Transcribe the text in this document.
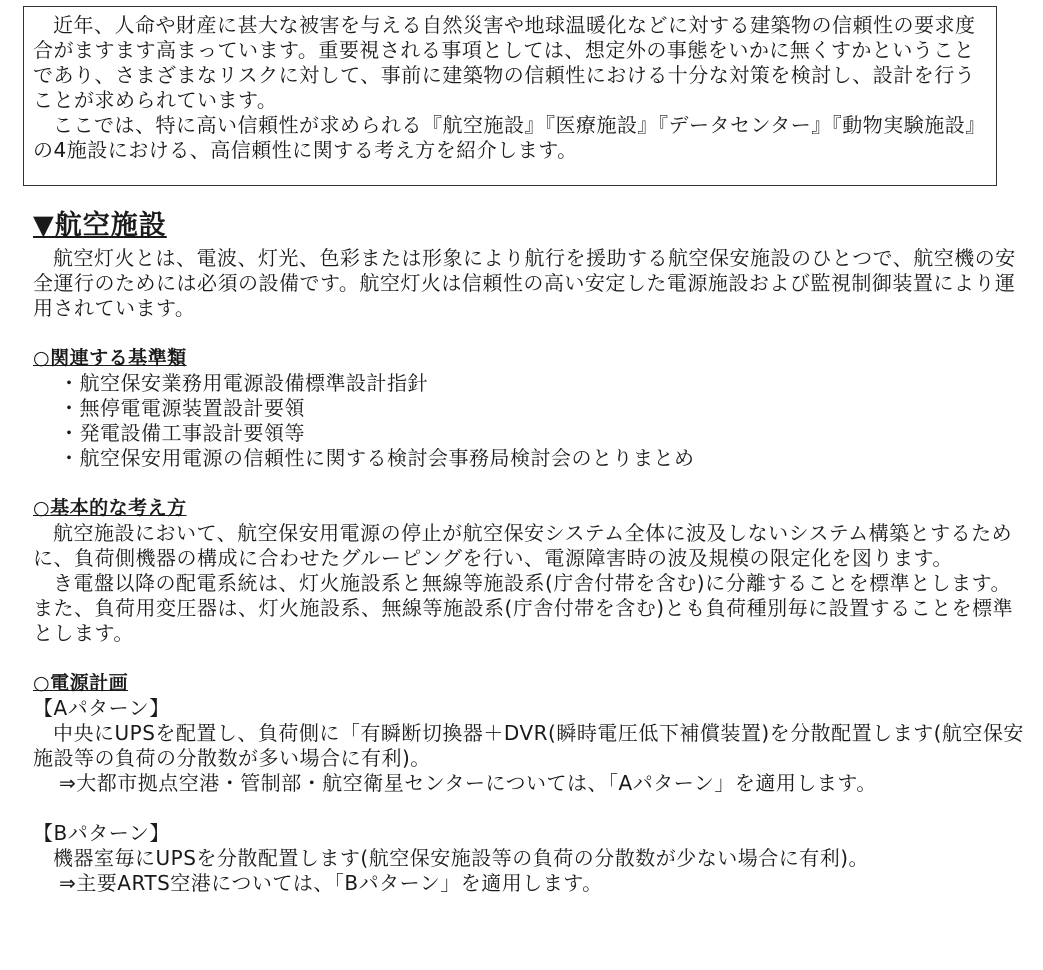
近年、人命や財産に甚大な被害を与える自然災害や地球温暖化などに対する建築物の信頼性の要求度合がますます高まっています。重要視される事項としては、想定外の事態をいかに無くすかということであり、さまざまなリスクに対して、事前に建築物の信頼性における十分な対策を検討し、設計を行うことが求められています。

ここでは、特に高い信頼性が求められる『航空施設』『医療施設』『データセンター』『動物実験施設』の4施設における、高信頼性に関する考え方を紹介します。

▼航空施設

航空灯火とは、電波、灯光、色彩または形象により航行を援助する航空保安施設のひとつで、航空機の安全運行のためには必須の設備です。航空灯火は信頼性の高い安定した電源施設および監視制御装置により運用されています。

○関連する基準類
・航空保安業務用電源設備標準設計指針
・無停電電源装置設計要領
・発電設備工事設計要領等
・航空保安用電源の信頼性に関する検討会事務局検討会のとりまとめ
○基本的な考え方

航空施設において、航空保安用電源の停止が航空保安システム全体に波及しないシステム構築とするために、負荷側機器の構成に合わせたグルーピングを行い、電源障害時の波及規模の限定化を図ります。

き電盤以降の配電系統は、灯火施設系と無線等施設系(庁舎付帯を含む)に分離することを標準とします。また、負荷用変圧器は、灯火施設系、無線等施設系(庁舎付帯を含む)とも負荷種別毎に設置することを標準とします。

○電源計画

【Aパターン】

中央にUPSを配置し、負荷側に「有瞬断切換器＋DVR(瞬時電圧低下補償装置)を分散配置します(航空保安施設等の負荷の分散数が多い場合に有利)。

⇒大都市拠点空港・管制部・航空衛星センターについては、「Aパターン」を適用します。

【Bパターン】

機器室毎にUPSを分散配置します(航空保安施設等の負荷の分散数が少ない場合に有利)。

⇒主要ARTS空港については、「Bパターン」を適用します。
